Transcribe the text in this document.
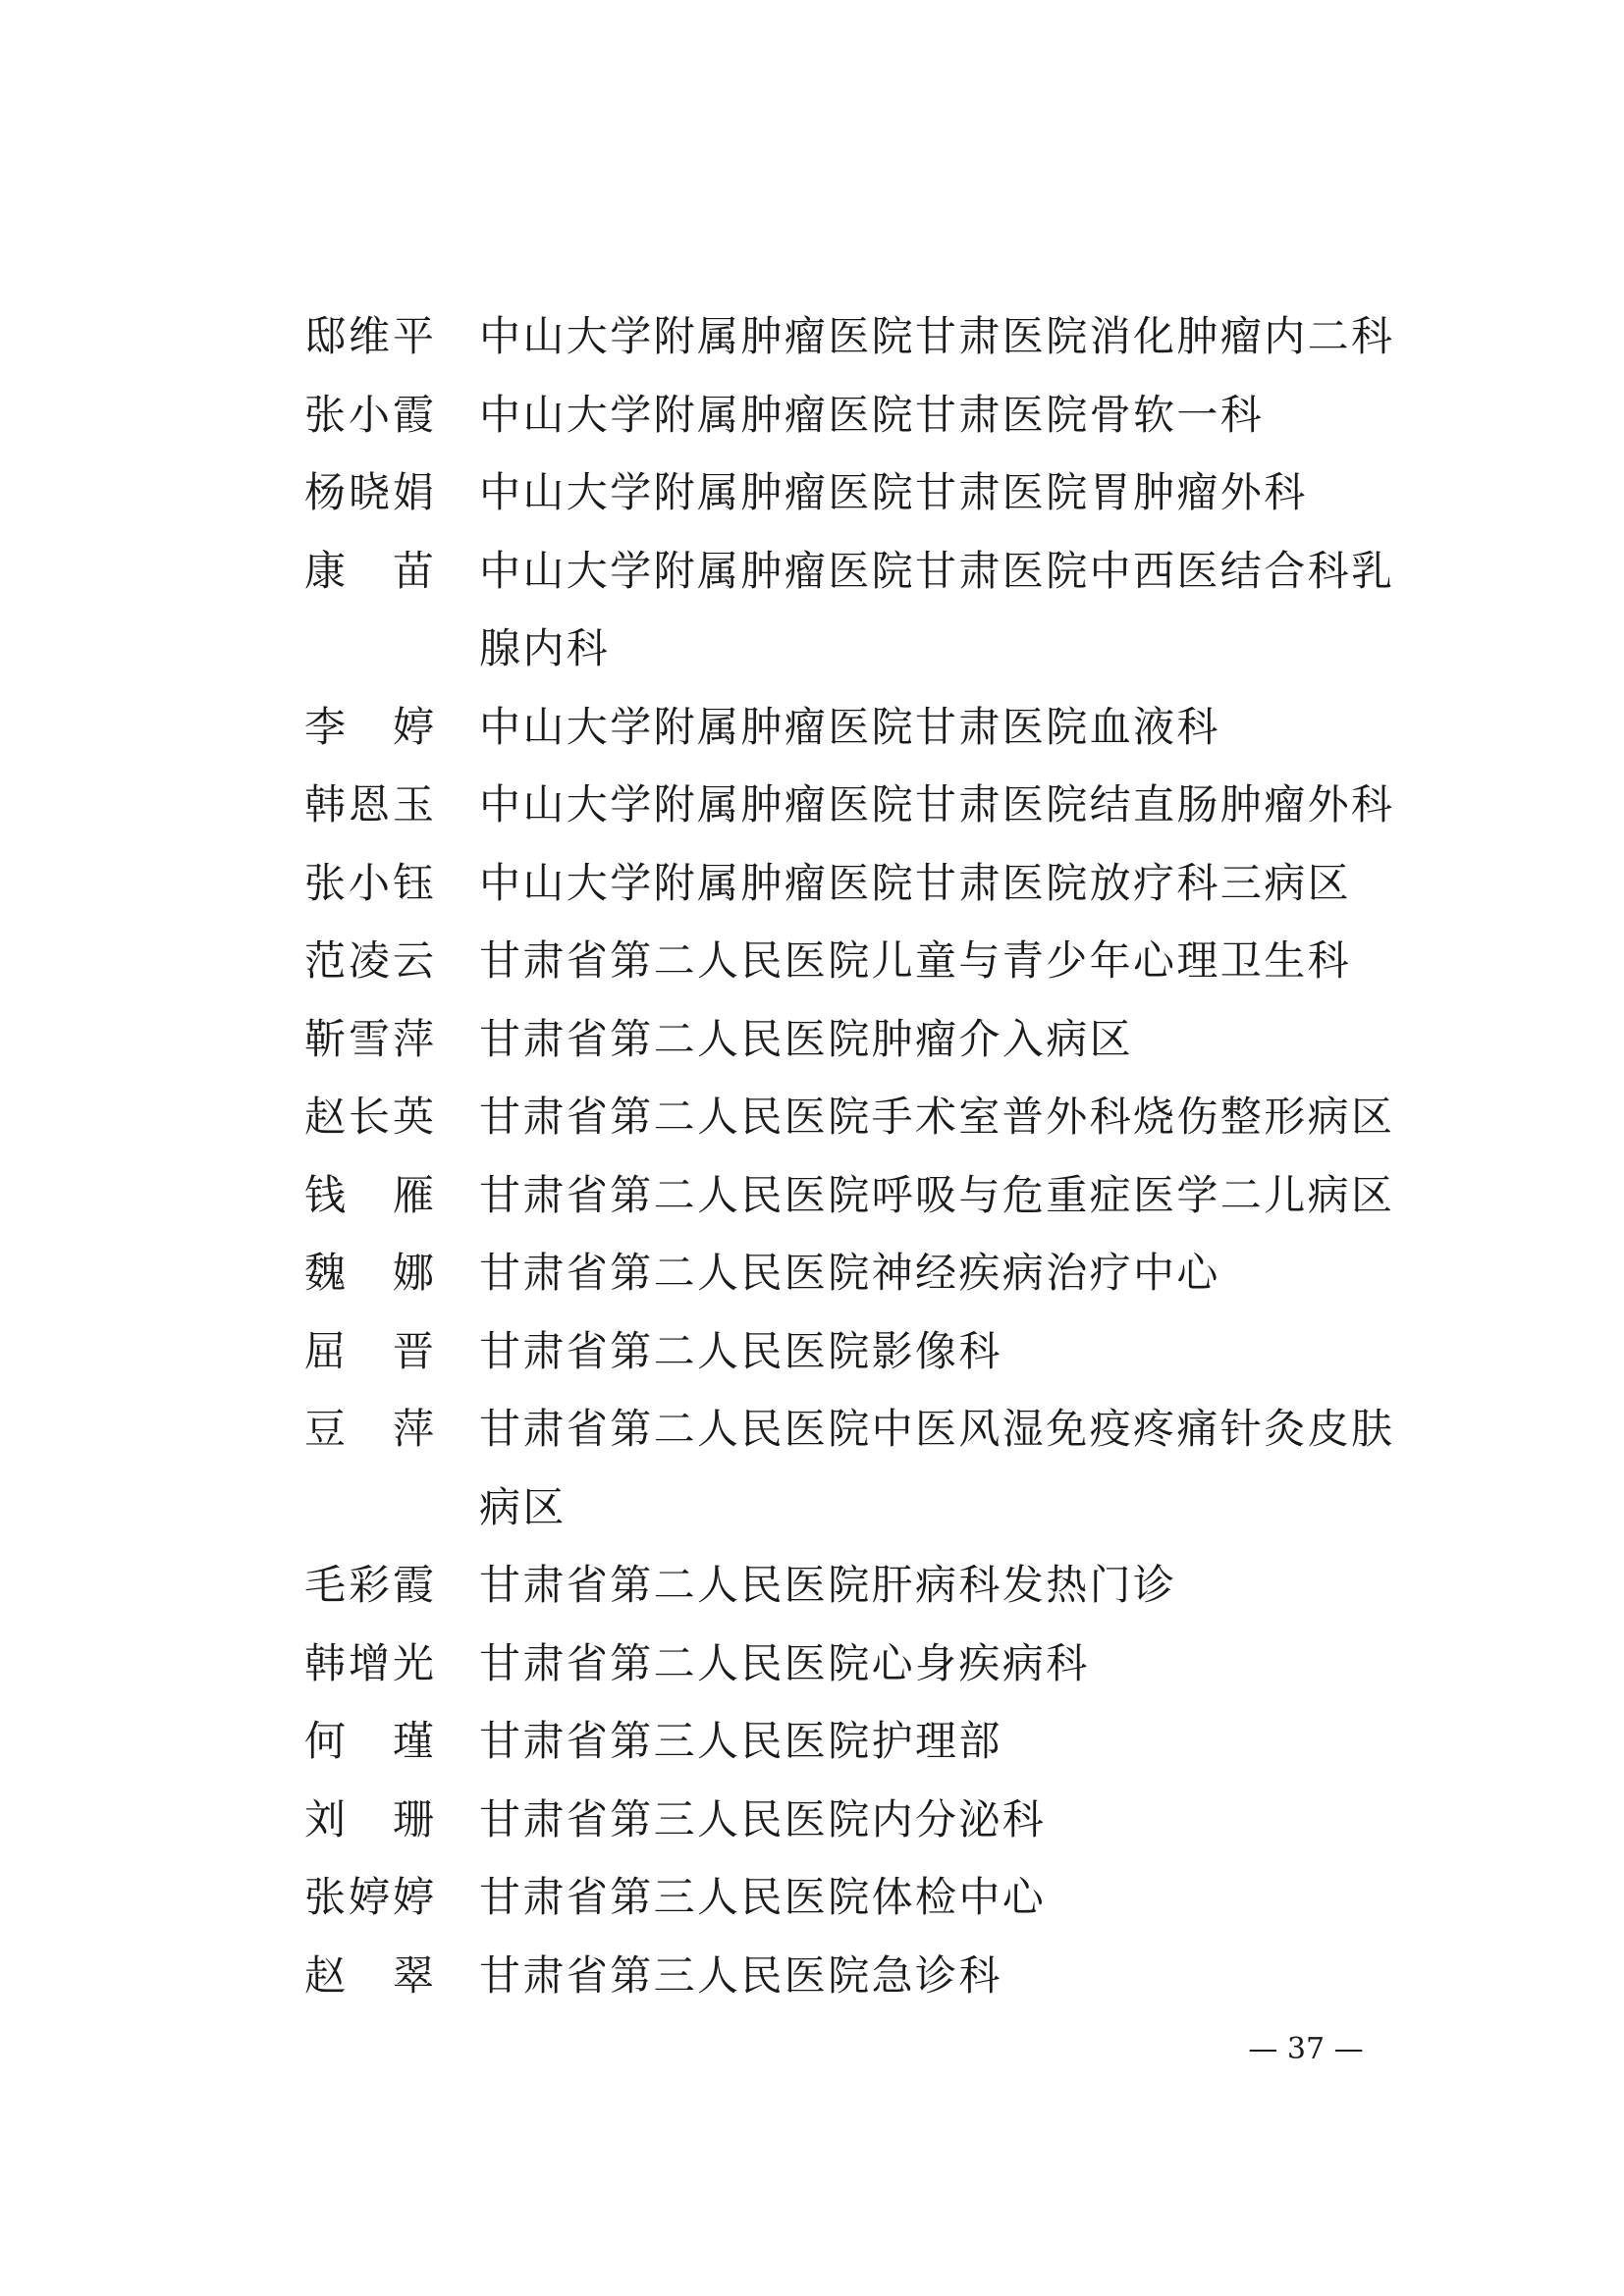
邸 维 平 中山大学附属肿瘤医院甘肃医院消化肿瘤内二科
张 小 霞 中山大学附属肿瘤医院甘肃医院骨软一科
杨 晓 娟 中山大学附属肿瘤医院甘肃医院胃肿瘤外科
康 苗 中山大学附属肿瘤医院甘肃医院中西医结合科乳腺内科
李 婷 中山大学附属肿瘤医院甘肃医院血液科
韩 恩 玉 中山大学附属肿瘤医院甘肃医院结直肠肿瘤外科
张 小 钰 中山大学附属肿瘤医院甘肃医院放疗科三病区
范 凌 云 甘肃省第二人民医院儿童与青少年心理卫生科
靳 雪 萍 甘肃省第二人民医院肿瘤介入病区
赵 长 英 甘肃省第二人民医院手术室普外科烧伤整形病区
钱 雁 甘肃省第二人民医院呼吸与危重症医学二儿病区
魏 娜 甘肃省第二人民医院神经疾病治疗中心
屈 晋 甘肃省第二人民医院影像科
豆 萍 甘肃省第二人民医院中医风湿免疫疼痛针灸皮肤病区
毛 彩 霞 甘肃省第二人民医院肝病科发热门诊
韩 增 光 甘肃省第二人民医院心身疾病科
何 瑾 甘肃省第三人民医院护理部
刘 珊 甘肃省第三人民医院内分泌科
张 婷 婷 甘肃省第三人民医院体检中心
赵 翠 甘肃省第三人民医院急诊科
— 37 —
